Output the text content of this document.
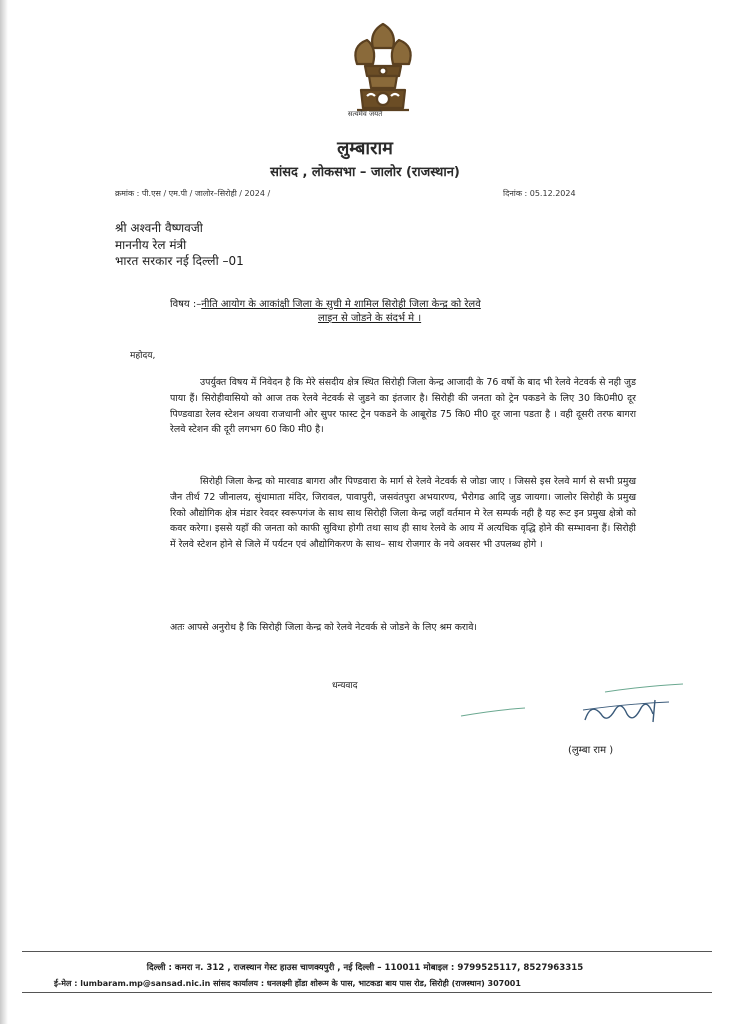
सत्यमेव जयते
लुम्बाराम
सांसद , लोकसभा – जालोर (राजस्थान)
क्रमांक : पी.एस / एम.पी / जालोर–सिरोही / 2024 /	दिनांक : 05.12.2024
श्री अश्वनी वैष्णवजी
माननीय रेल मंत्री
भारत सरकार नई दिल्ली –01
विषय :–नीति आयोग के आकांक्षी जिला के सुची मे शामिल सिरोही जिला केन्द्र को रेलवे
लाइन से जोडने के संदर्भ मे ।
महोदय,
उपर्युक्त विषय में निवेदन है कि मेरे संसदीय क्षेत्र स्थित सिरोही जिला केन्द्र आजादी के 76 वर्षो के बाद भी रेलवे नेटवर्क से नही जुड पाया हैं। सिरोहीवासियो को आज तक रेलवे नेटवर्क से जुडने का इंतजार है। सिरोही की जनता को ट्रेन पकडने के लिए 30 कि0मी0 दूर पिण्डवाडा रेलव स्टेशन अथवा राजधानी ओर सुपर फास्ट ट्रेन पकडने के आबूरोड 75 कि0 मी0 दूर जाना पडता है । वही दूसरी तरफ बागरा रेलवे स्टेशन की दूरी लगभग 60 कि0 मी0 है।
सिरोही जिला केन्द्र को मारवाड बागरा और पिण्डवारा के मार्ग से रेलवे नेटवर्क से जोडा जाए । जिससे इस रेलवे मार्ग से सभी प्रमुख जैन तीर्थ 72 जीनालय, सुंधामाता मंदिर, जिरावल, पावापुरी, जसवंतपुरा अभयारण्य, भैरोगढ आदि जुड जायगा। जालोर सिरोही के प्रमुख रिको औद्योगिक क्षेत्र मंडार रेवदर स्वरूपगंज के साथ साथ सिरोही जिला केन्द्र जहॉं वर्तमान मे रेल सम्पर्क नही है यह रूट इन प्रमुख क्षेत्रो को कवर करेगा। इससे यहॉं की जनता को काफी सुविधा होगी तथा साथ ही साथ रेलवे के आय में अत्यधिक वृद्धि होने की सम्भावना हैं। सिरोही में रेलवे स्टेशन होने से जिले में पर्यटन एवं औद्योगिकरण के साथ– साथ रोजगार के नये अवसर भी उपलब्ध होगे ।
अतः आपसे अनुरोध है कि सिरोही जिला केन्द्र को रेलवे नेटवर्क से जोडने के लिए श्रम करावे।
धन्यवाद
(लुम्बा राम )
दिल्ली : कमरा न. 312 , राजस्थान गेस्ट हाउस चाणक्यपुरी , नई दिल्ली – 110011 मोबाइल : 9799525117, 8527963315
ई-मेल : lumbaram.mp@sansad.nic.in सांसद कार्यालय : धनलक्ष्मी होंडा शोरूम के पास, भाटकडा बाय पास रोड, सिरोही (राजस्थान) 307001
